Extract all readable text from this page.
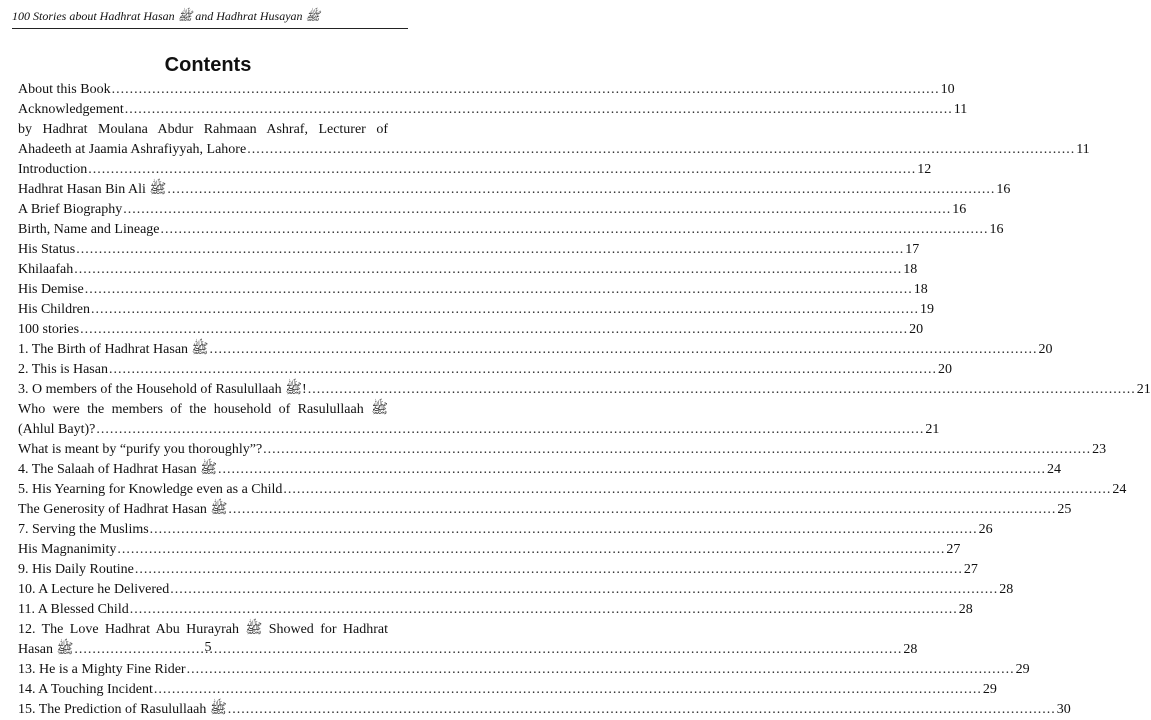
100 Stories about Hadhrat Hasan ﷺ and Hadhrat Husayan ﷺ
Contents
About this Book .....	10
Acknowledgement .....	11
by Hadhrat Moulana Abdur Rahmaan Ashraf, Lecturer of
Ahadeeth at Jaamia Ashrafiyyah, Lahore .....	11
Introduction .....	12
Hadhrat Hasan Bin Ali ﷺ .....	16
A Brief Biography .....	16
Birth, Name and Lineage .....	16
His Status .....	17
Khilaafah .....	18
His Demise .....	18
His Children .....	19
100 stories .....	20
1. The Birth of Hadhrat Hasan ﷺ .....	20
2. This is Hasan .....	20
3. O members of the Household of Rasulullaah ﷺ! .....	21
Who were the members of the household of Rasulullaah ﷺ
(Ahlul Bayt)? .....	21
What is meant by “purify you thoroughly”? .....	23
4. The Salaah of Hadhrat Hasan ﷺ .....	24
5. His Yearning for Knowledge even as a Child .....	24
The Generosity of Hadhrat Hasan ﷺ .....	25
7. Serving the Muslims .....	26
His Magnanimity .....	27
9. His Daily Routine .....	27
10. A Lecture he Delivered .....	28
11. A Blessed Child .....	28
12. The Love Hadhrat Abu Hurayrah ﷺ Showed for Hadhrat
Hasan ﷺ .....	28
13. He is a Mighty Fine Rider .....	29
14. A Touching Incident .....	29
15. The Prediction of Rasulullaah ﷺ .....	30
5
